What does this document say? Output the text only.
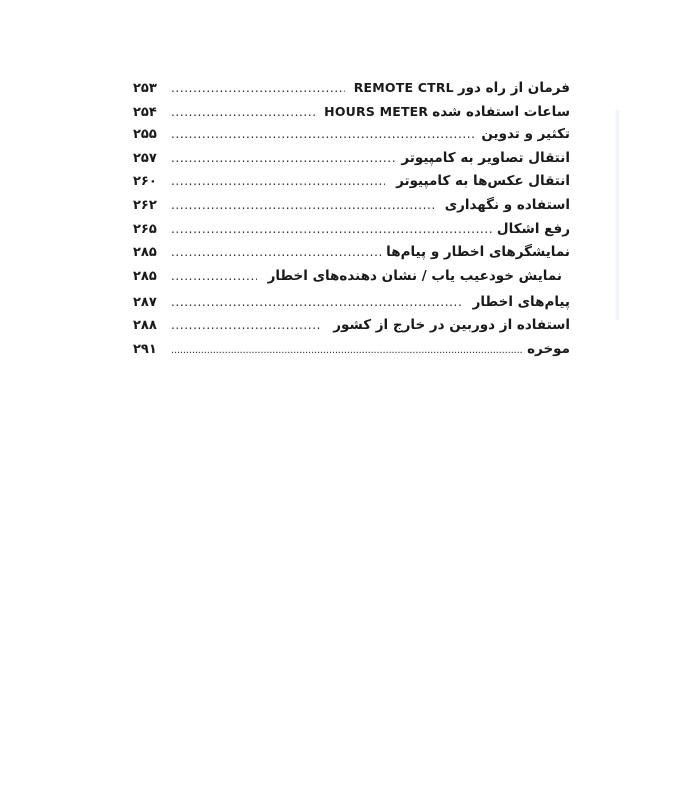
فرمان از راه دورREMOTE CTRL
.....
۲۵۳
ساعات استفاده شدهHOURS METER
.....
۲۵۴
تکثیر و تدوین
.....
۲۵۵
انتقال تصاویر به کامپیوتر
.....
۲۵۷
انتقال عکس‌ها به کامپیوتر
.....
۲۶۰
استفاده و نگهداری
.....
۲۶۲
رفع اشکال
.....
۲۶۵
نمایشگرهای اخطار و پیام‌ها
.....
۲۸۵
نمایش خودعیب یاب / نشان دهنده‌های اخطار
.....
۲۸۵
پیام‌های اخطار
.....
۲۸۷
استفاده از دوربین در خارج از کشور
.....
۲۸۸
موخره
.....
۲۹۱
